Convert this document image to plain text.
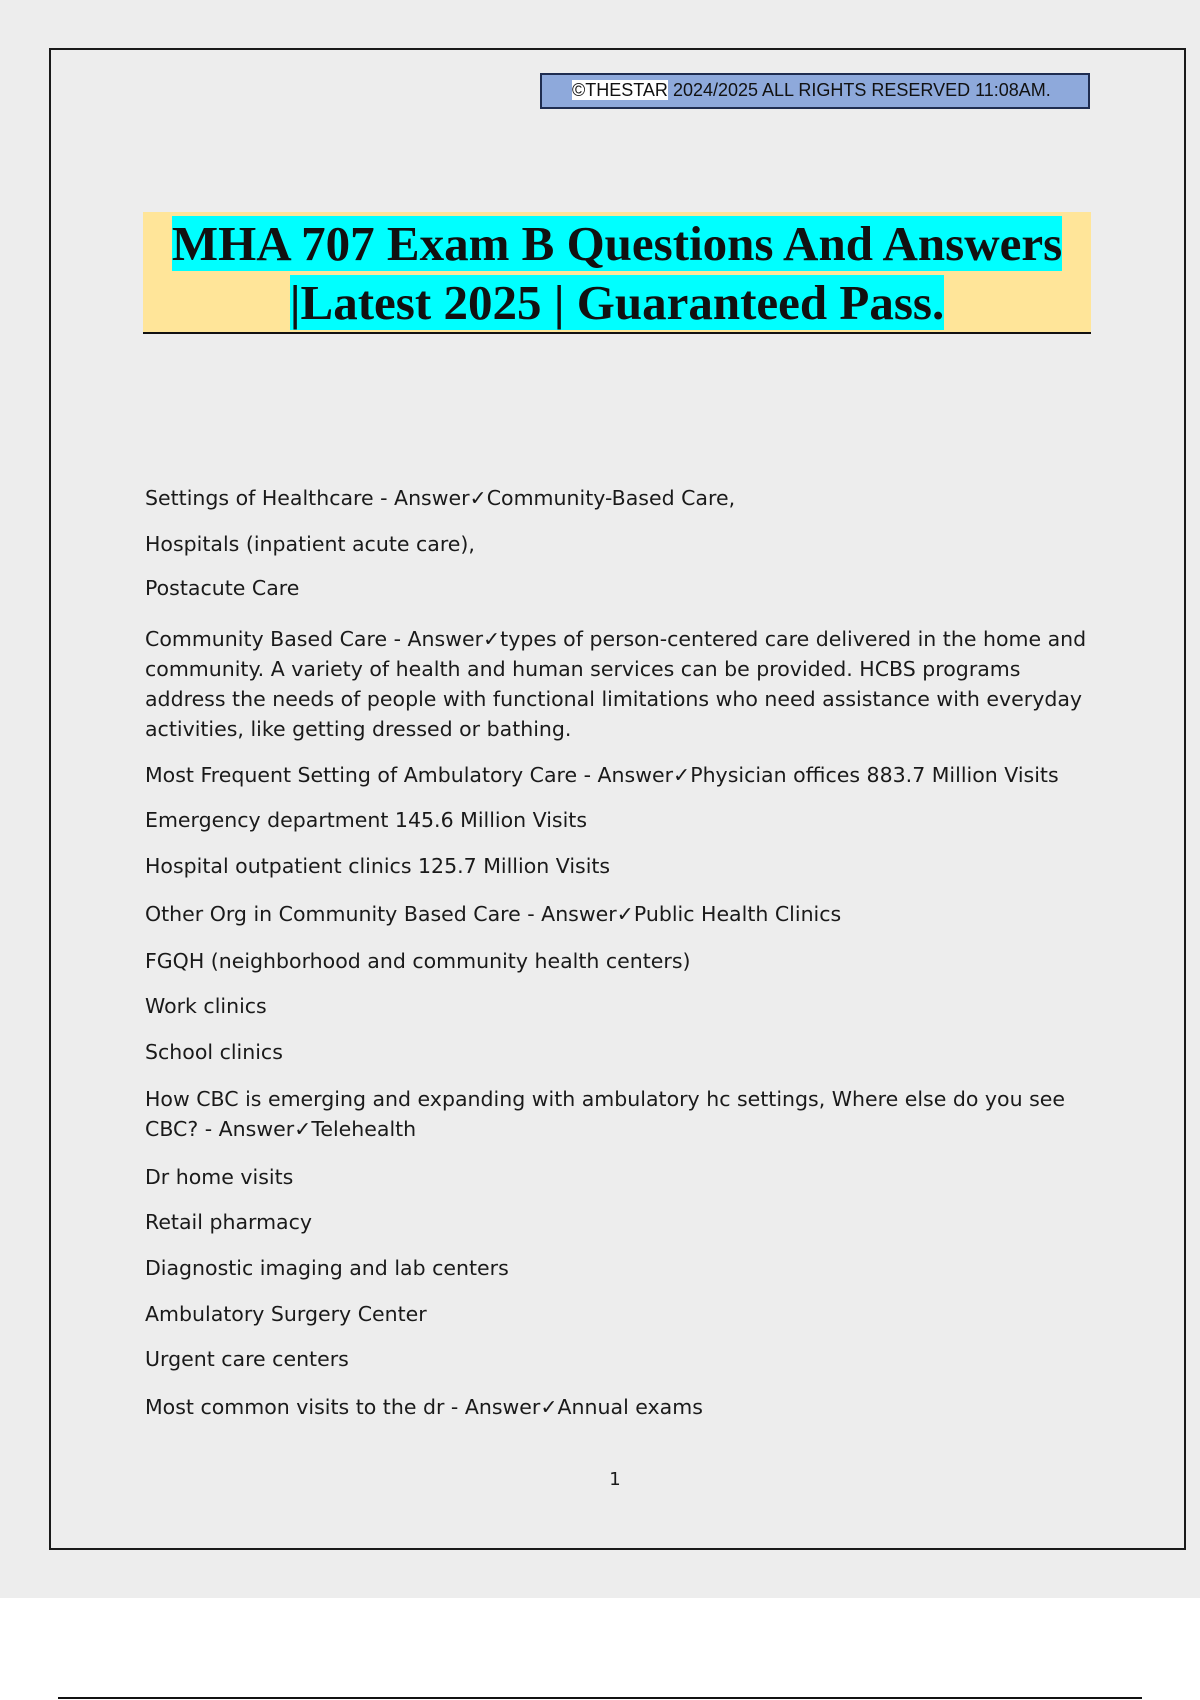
©THESTAR 2024/2025 ALL RIGHTS RESERVED 11:08AM.
MHA 707 Exam B Questions And Answers
|Latest 2025 | Guaranteed Pass.
Settings of Healthcare - Answer✓Community-Based Care,
Hospitals (inpatient acute care),
Postacute Care
Community Based Care - Answer✓types of person-centered care delivered in the home and community. A variety of health and human services can be provided. HCBS programs address the needs of people with functional limitations who need assistance with everyday activities, like getting dressed or bathing.
Most Frequent Setting of Ambulatory Care - Answer✓Physician offices 883.7 Million Visits
Emergency department 145.6 Million Visits
Hospital outpatient clinics 125.7 Million Visits
Other Org in Community Based Care - Answer✓Public Health Clinics
FGQH (neighborhood and community health centers)
Work clinics
School clinics
How CBC is emerging and expanding with ambulatory hc settings, Where else do you see CBC? - Answer✓Telehealth
Dr home visits
Retail pharmacy
Diagnostic imaging and lab centers
Ambulatory Surgery Center
Urgent care centers
Most common visits to the dr - Answer✓Annual exams
1
